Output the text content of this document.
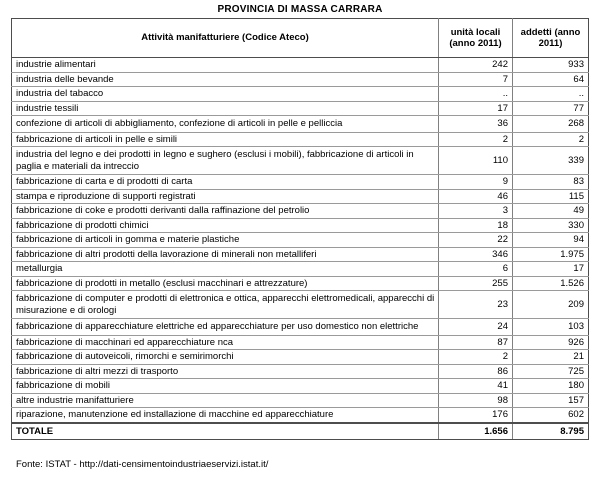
PROVINCIA DI MASSA CARRARA
Attività manifatturiere (Codice Ateco)	unità locali (anno 2011)	addetti (anno 2011)
industrie alimentari	242	933
industria delle bevande	7	64
industria del tabacco	..	..
industrie tessili	17	77
confezione di articoli di abbigliamento, confezione di articoli in pelle e pelliccia	36	268
fabbricazione di articoli in pelle e simili	2	2
industria del legno e dei prodotti in legno e sughero (esclusi i mobili), fabbricazione di articoli in paglia e materiali da intreccio	110	339
fabbricazione di carta e di prodotti di carta	9	83
stampa e riproduzione di supporti registrati	46	115
fabbricazione di coke e prodotti derivanti dalla raffinazione del petrolio	3	49
fabbricazione di prodotti chimici	18	330
fabbricazione di articoli in gomma e materie plastiche	22	94
fabbricazione di altri prodotti della lavorazione di minerali non metalliferi	346	1.975
metallurgia	6	17
fabbricazione di prodotti in metallo (esclusi macchinari e attrezzature)	255	1.526
fabbricazione di computer e prodotti di elettronica e ottica, apparecchi elettromedicali, apparecchi di misurazione e di orologi	23	209
fabbricazione di apparecchiature elettriche ed apparecchiature per uso domestico non elettriche	24	103
fabbricazione di macchinari ed apparecchiature nca	87	926
fabbricazione di autoveicoli, rimorchi e semirimorchi	2	21
fabbricazione di altri mezzi di trasporto	86	725
fabbricazione di mobili	41	180
altre industrie manifatturiere	98	157
riparazione, manutenzione ed installazione di macchine ed apparecchiature	176	602
TOTALE	1.656	8.795
Fonte: ISTAT - http://dati-censimentoindustriaeservizi.istat.it/
